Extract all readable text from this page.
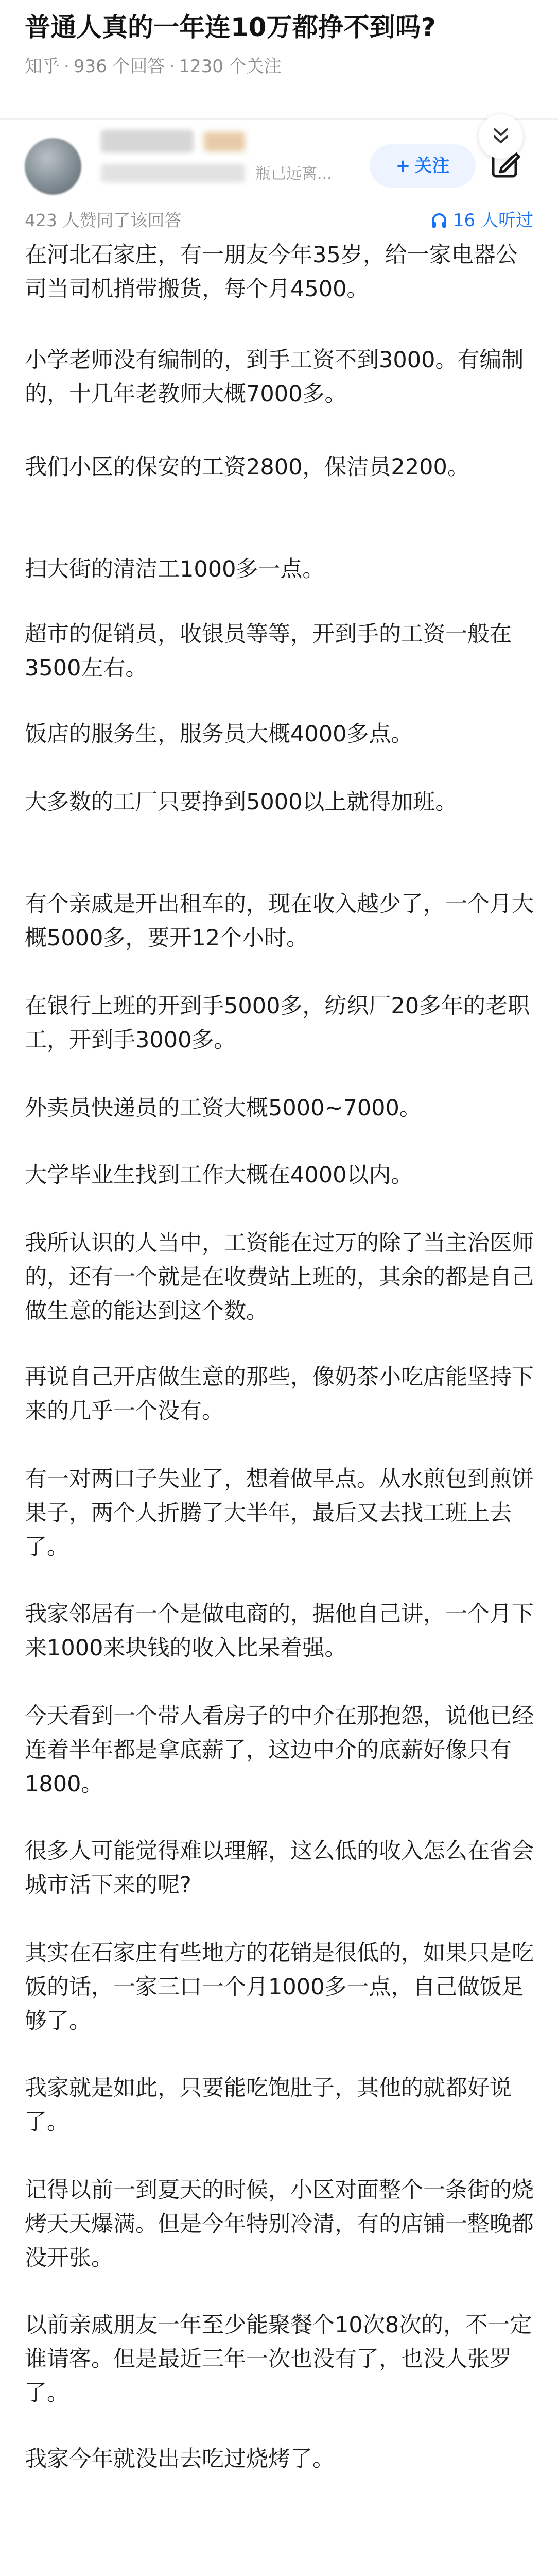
普通人真的一年连10万都挣不到吗?
知乎 · 936 个回答 · 1230 个关注
瓶已远离...	+ 关注
423 人赞同了该回答	16 人听过

在河北石家庄，有一朋友今年35岁，给一家电器公司当司机捎带搬货，每个月4500。

小学老师没有编制的，到手工资不到3000。有编制的，十几年老教师大概7000多。

我们小区的保安的工资2800，保洁员2200。

扫大街的清洁工1000多一点。

超市的促销员，收银员等等，开到手的工资一般在3500左右。

饭店的服务生，服务员大概4000多点。

大多数的工厂只要挣到5000以上就得加班。

有个亲戚是开出租车的，现在收入越少了，一个月大概5000多，要开12个小时。

在银行上班的开到手5000多，纺织厂20多年的老职工，开到手3000多。

外卖员快递员的工资大概5000~7000。

大学毕业生找到工作大概在4000以内。

我所认识的人当中，工资能在过万的除了当主治医师的，还有一个就是在收费站上班的，其余的都是自己做生意的能达到这个数。

再说自己开店做生意的那些，像奶茶小吃店能坚持下来的几乎一个没有。

有一对两口子失业了，想着做早点。从水煎包到煎饼果子，两个人折腾了大半年，最后又去找工班上去了。

我家邻居有一个是做电商的，据他自己讲，一个月下来1000来块钱的收入比呆着强。

今天看到一个带人看房子的中介在那抱怨，说他已经连着半年都是拿底薪了，这边中介的底薪好像只有1800。

很多人可能觉得难以理解，这么低的收入怎么在省会城市活下来的呢?

其实在石家庄有些地方的花销是很低的，如果只是吃饭的话，一家三口一个月1000多一点，自己做饭足够了。

我家就是如此，只要能吃饱肚子，其他的就都好说了。

记得以前一到夏天的时候，小区对面整个一条街的烧烤天天爆满。但是今年特别冷清，有的店铺一整晚都没开张。

以前亲戚朋友一年至少能聚餐个10次8次的，不一定谁请客。但是最近三年一次也没有了，也没人张罗了。

我家今年就没出去吃过烧烤了。
